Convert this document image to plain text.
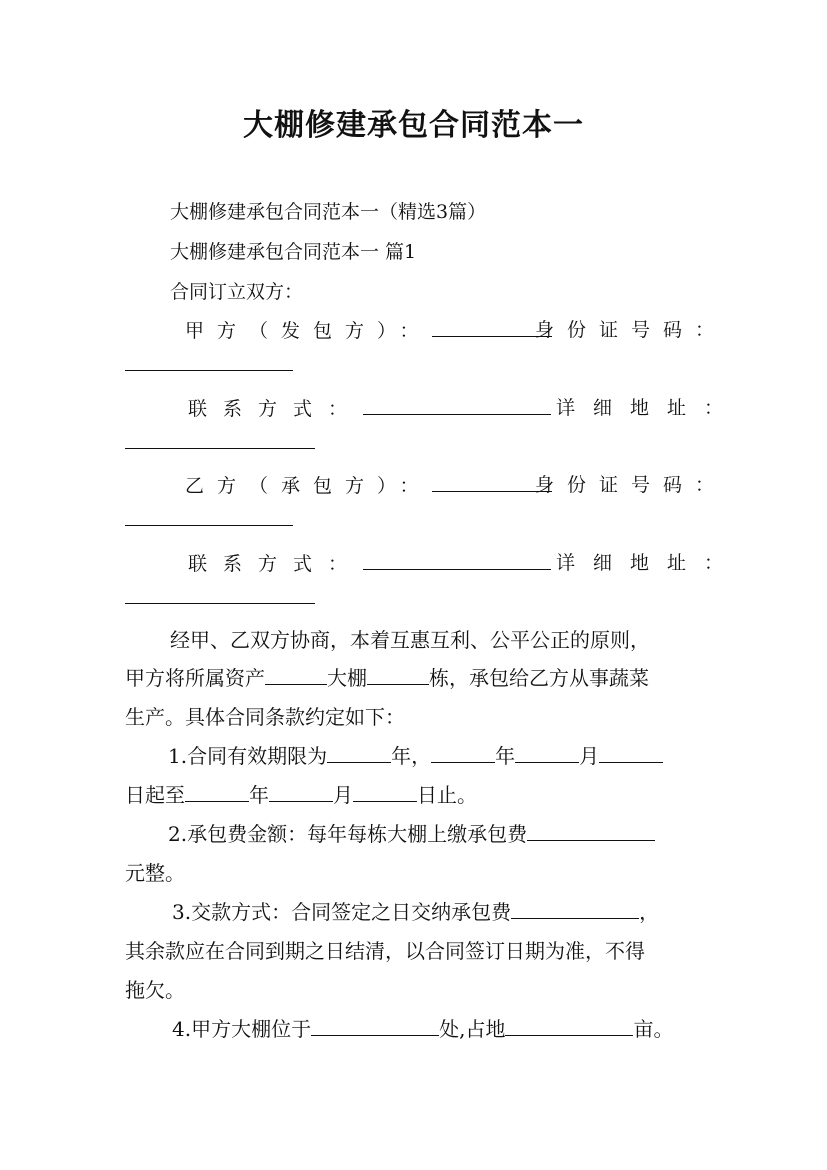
大棚修建承包合同范本一

大棚修建承包合同范本一（精选3篇）

大棚修建承包合同范本一 篇1

合同订立双方：

甲方（发包方）：	身份证号码：

联系方式：	详细地址：

乙方（承包方）：	身份证号码：

联系方式：	详细地址：

经甲、乙双方协商，本着互惠互利、公平公正的原则，

甲方将所属资产	大棚	栋，承包给乙方从事蔬菜

生产。具体合同条款约定如下：

1.合同有效期限为	年，	年	月

日起至	年	月	日止。

2.承包费金额：每年每栋大棚上缴承包费

元整。

3.交款方式：合同签定之日交纳承包费	，

其余款应在合同到期之日结清，以合同签订日期为准，不得

拖欠。

4.甲方大棚位于	处,占地	亩。
